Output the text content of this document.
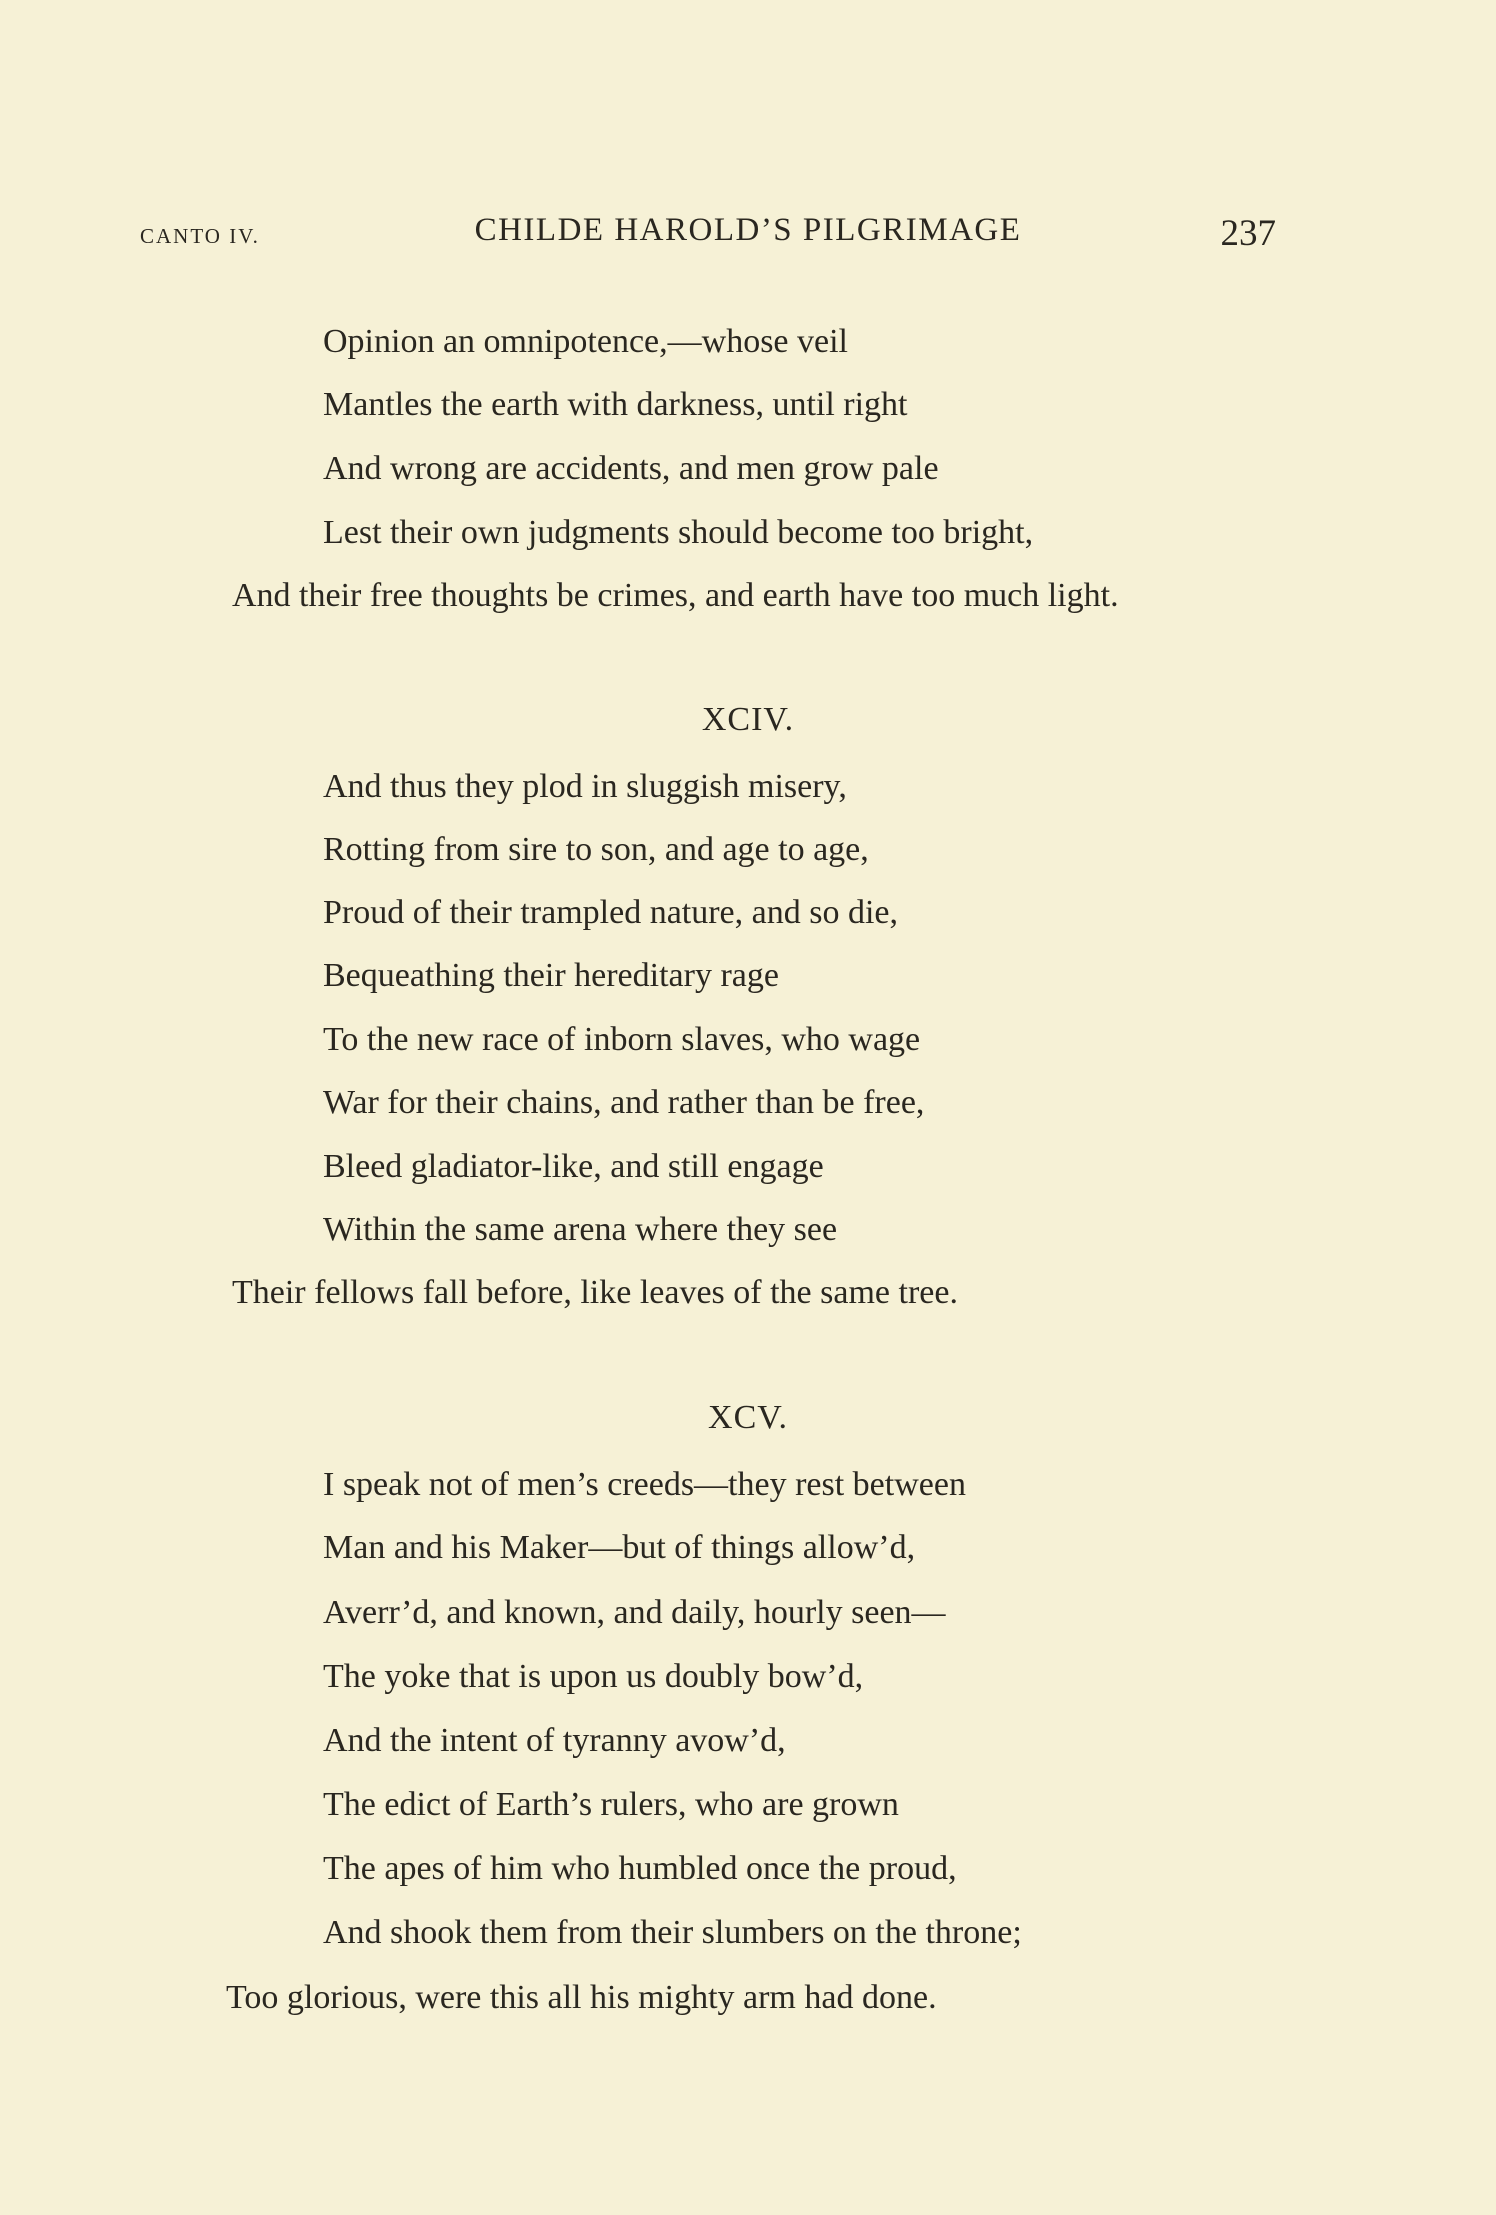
CANTO IV.	CHILDE HAROLD’S PILGRIMAGE	237
Opinion an omnipotence,—whose veil
Mantles the earth with darkness, until right
And wrong are accidents, and men grow pale
Lest their own judgments should become too bright,
And their free thoughts be crimes, and earth have too much light.
XCIV.
And thus they plod in sluggish misery,
Rotting from sire to son, and age to age,
Proud of their trampled nature, and so die,
Bequeathing their hereditary rage
To the new race of inborn slaves, who wage
War for their chains, and rather than be free,
Bleed gladiator-like, and still engage
Within the same arena where they see
Their fellows fall before, like leaves of the same tree.
XCV.
I speak not of men’s creeds—they rest between
Man and his Maker—but of things allow’d,
Averr’d, and known, and daily, hourly seen—
The yoke that is upon us doubly bow’d,
And the intent of tyranny avow’d,
The edict of Earth’s rulers, who are grown
The apes of him who humbled once the proud,
And shook them from their slumbers on the throne;
Too glorious, were this all his mighty arm had done.
